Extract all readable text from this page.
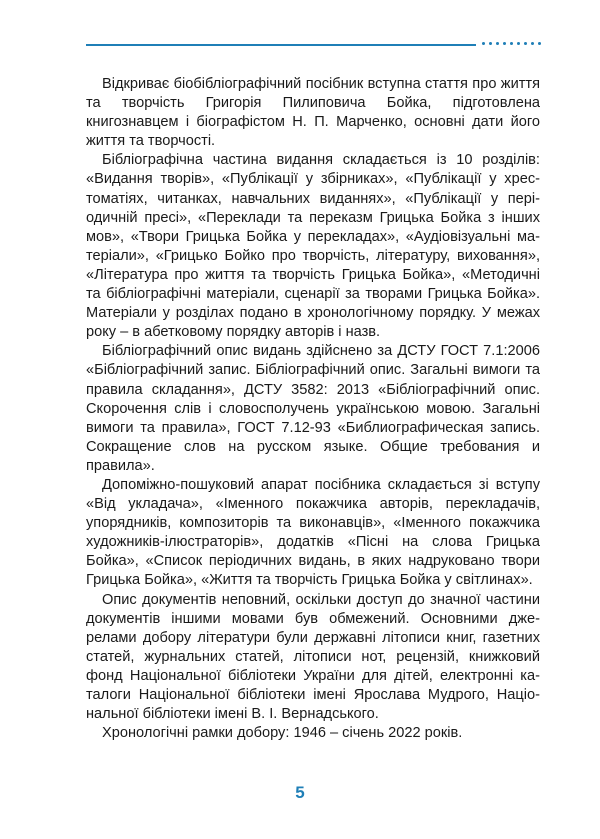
Відкриває біобібліографічний посібник вступна стаття про життя та творчість Григорія Пилиповича Бойка, підготовлена книгознавцем і біографістом Н. П. Марченко, основні дати його життя та творчості.

Бібліографічна частина видання складається із 10 розділів: «Видання творів», «Публікації у збірниках», «Публікації у хрестоматіях, читанках, навчальних виданнях», «Публікації у періодичній пресі», «Переклади та переказм Грицька Бойка з інших мов», «Твори Грицька Бойка у перекладах», «Аудіовізуальні матеріали», «Грицько Бойко про творчість, літературу, виховання», «Література про життя та творчість Грицька Бойка», «Методичні та бібліографічні матеріали, сценарії за творами Грицька Бойка». Матеріали у розділах подано в хронологічному порядку. У межах року – в абетковому порядку авторів і назв.

Бібліографічний опис видань здійснено за ДСТУ ГОСТ 7.1:2006 «Бібліографічний запис. Бібліографічний опис. Загальні вимоги та правила складання», ДСТУ 3582: 2013 «Бібліографічний опис. Скорочення слів і словосполучень українською мовою. Загальні вимоги та правила», ГОСТ 7.12-93 «Библиографическая запись. Сокращение слов на русском языке. Общие требования и правила».

Допоміжно-пошуковий апарат посібника складається зі вступу «Від укладача», «Іменного покажчика авторів, перекладачів, упорядників, композиторів та виконавців», «Іменного покажчика художників-ілюстраторів», додатків «Пісні на слова Грицька Бойка», «Список періодичних видань, в яких надруковано твори Грицька Бойка», «Життя та творчість Грицька Бойка у світлинах».

Опис документів неповний, оскільки доступ до значної частини документів іншими мовами був обмежений. Основними джерелами добору літератури були державні літописи книг, газетних статей, журнальних статей, літописи нот, рецензій, книжковий фонд Національної бібліотеки України для дітей, електронні каталоги Національної бібліотеки імені Ярослава Мудрого, Національної бібліотеки імені В. І. Вернадського.

Хронологічні рамки добору: 1946 – січень 2022 років.

5
